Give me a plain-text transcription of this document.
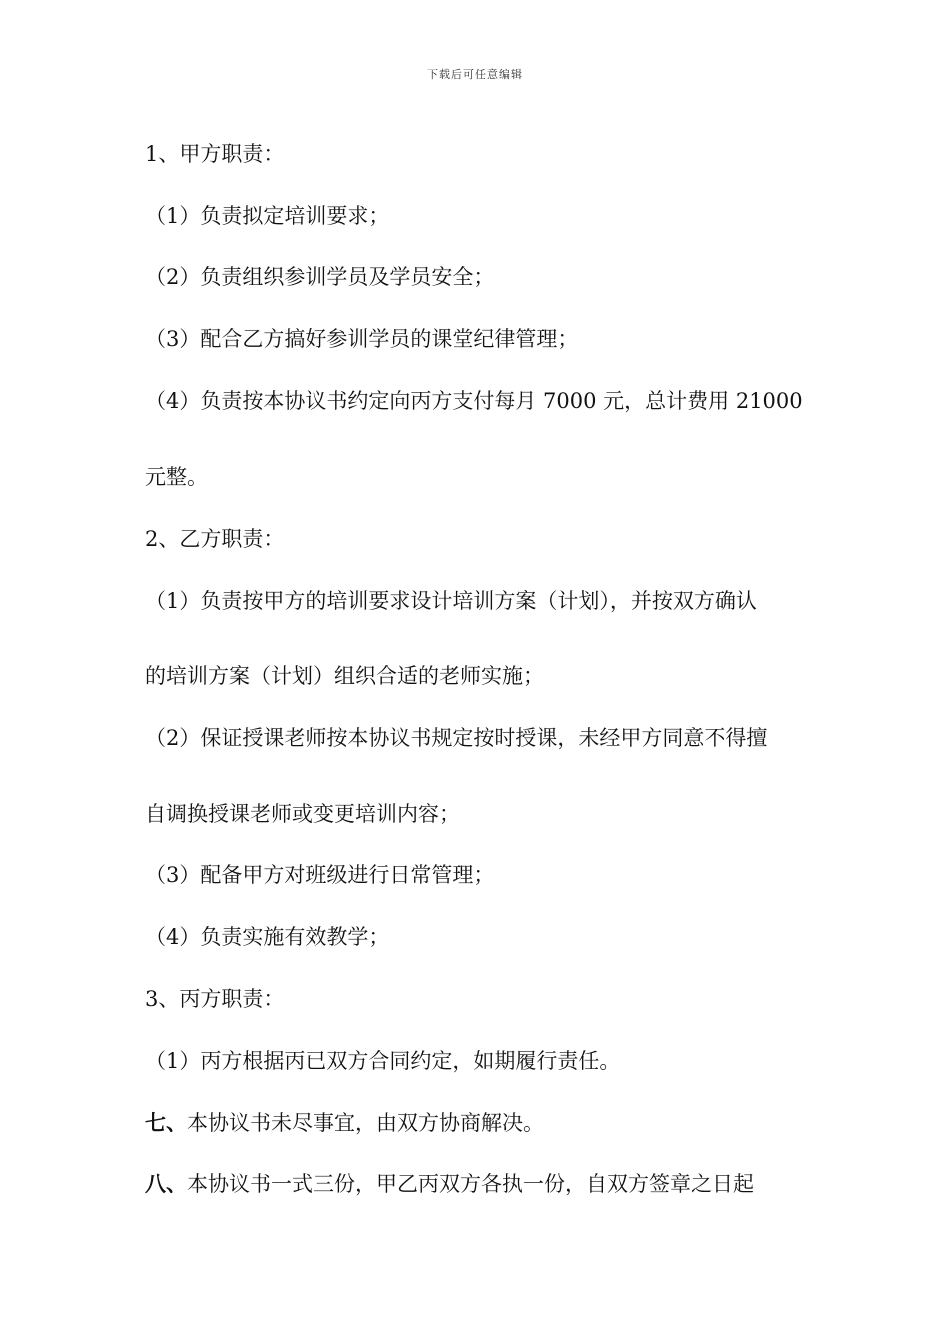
下载后可任意编辑
1、甲方职责：
（1）负责拟定培训要求；
（2）负责组织参训学员及学员安全；
（3）配合乙方搞好参训学员的课堂纪律管理；
（4）负责按本协议书约定向丙方支付每月 7000 元，总计费用 21000
元整。
2、乙方职责：
（1）负责按甲方的培训要求设计培训方案（计划），并按双方确认
的培训方案（计划）组织合适的老师实施；
（2）保证授课老师按本协议书规定按时授课，未经甲方同意不得擅
自调换授课老师或变更培训内容；
（3）配备甲方对班级进行日常管理；
（4）负责实施有效教学；
3、丙方职责：
（1）丙方根据丙已双方合同约定，如期履行责任。
七、本协议书未尽事宜，由双方协商解决。
八、本协议书一式三份，甲乙丙双方各执一份，自双方签章之日起
